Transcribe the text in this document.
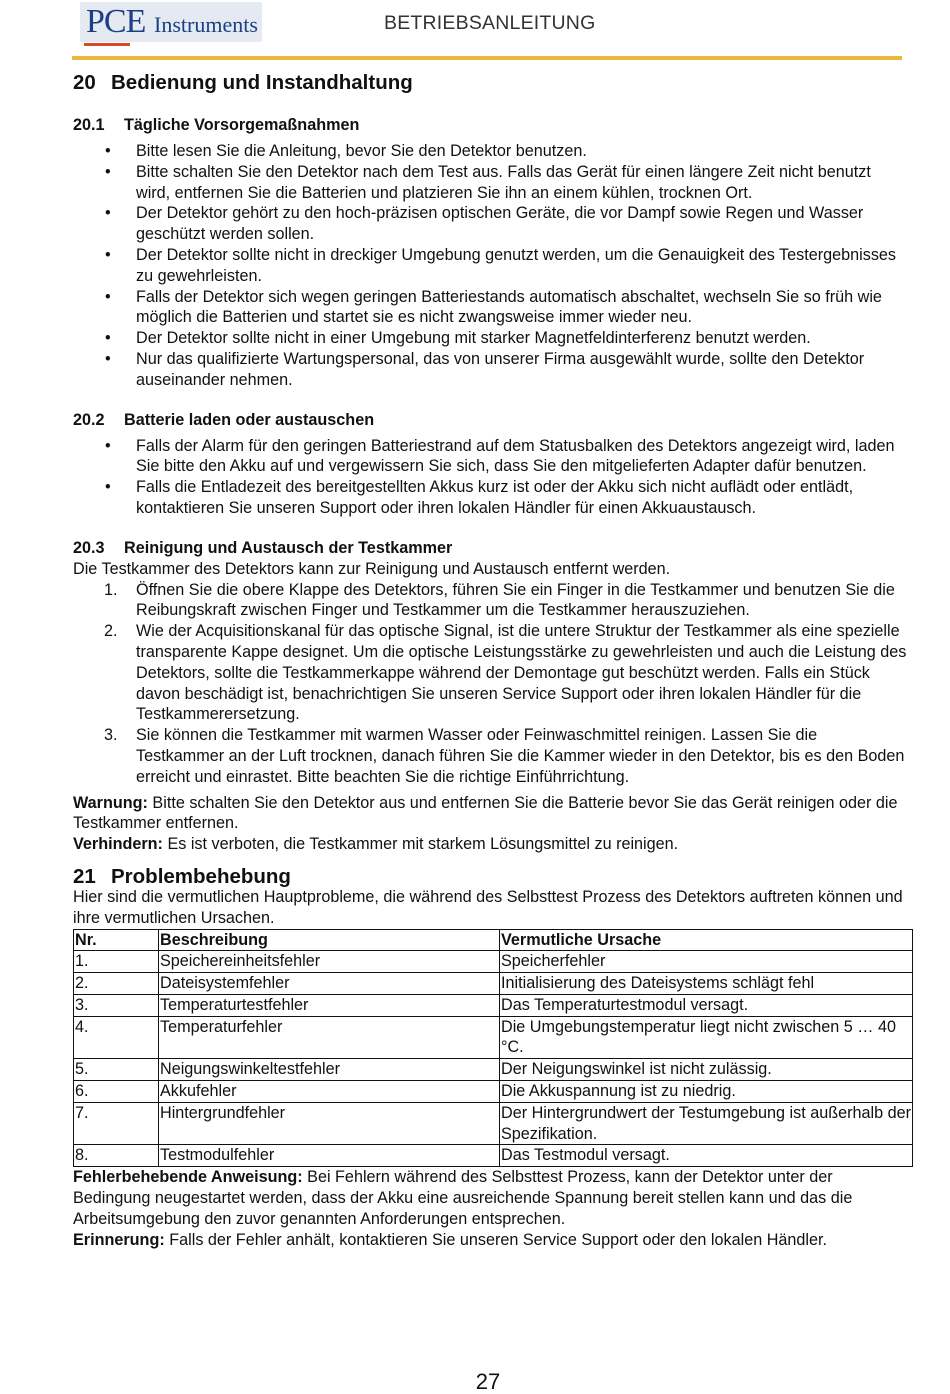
PCE Instruments	BETRIEBSANLEITUNG
20 Bedienung und Instandhaltung
20.1 Tägliche Vorsorgemaßnahmen
• Bitte lesen Sie die Anleitung, bevor Sie den Detektor benutzen.
• Bitte schalten Sie den Detektor nach dem Test aus. Falls das Gerät für einen längere Zeit nicht benutzt wird, entfernen Sie die Batterien und platzieren Sie ihn an einem kühlen, trocknen Ort.
• Der Detektor gehört zu den hoch-präzisen optischen Geräte, die vor Dampf sowie Regen und Wasser geschützt werden sollen.
• Der Detektor sollte nicht in dreckiger Umgebung genutzt werden, um die Genauigkeit des Testergebnisses zu gewehrleisten.
• Falls der Detektor sich wegen geringen Batteriestands automatisch abschaltet, wechseln Sie so früh wie möglich die Batterien und startet sie es nicht zwangsweise immer wieder neu.
• Der Detektor sollte nicht in einer Umgebung mit starker Magnetfeldinterferenz benutzt werden.
• Nur das qualifizierte Wartungspersonal, das von unserer Firma ausgewählt wurde, sollte den Detektor auseinander nehmen.
20.2 Batterie laden oder austauschen
• Falls der Alarm für den geringen Batteriestrand auf dem Statusbalken des Detektors angezeigt wird, laden Sie bitte den Akku auf und vergewissern Sie sich, dass Sie den mitgelieferten Adapter dafür benutzen.
• Falls die Entladezeit des bereitgestellten Akkus kurz ist oder der Akku sich nicht auflädt oder entlädt, kontaktieren Sie unseren Support oder ihren lokalen Händler für einen Akkuaustausch.
20.3 Reinigung und Austausch der Testkammer

Die Testkammer des Detektors kann zur Reinigung und Austausch entfernt werden.

1. Öffnen Sie die obere Klappe des Detektors, führen Sie ein Finger in die Testkammer und benutzen Sie die Reibungskraft zwischen Finger und Testkammer um die Testkammer herauszuziehen.
2. Wie der Acquisitionskanal für das optische Signal, ist die untere Struktur der Testkammer als eine spezielle transparente Kappe designet. Um die optische Leistungsstärke zu gewehrleisten und auch die Leistung des Detektors, sollte die Testkammerkappe während der Demontage gut beschützt werden. Falls ein Stück davon beschädigt ist, benachrichtigen Sie unseren Service Support oder ihren lokalen Händler für die Testkammerersetzung.
3. Sie können die Testkammer mit warmen Wasser oder Feinwaschmittel reinigen. Lassen Sie die Testkammer an der Luft trocknen, danach führen Sie die Kammer wieder in den Detektor, bis es den Boden erreicht und einrastet. Bitte beachten Sie die richtige Einführrichtung.

Warnung: Bitte schalten Sie den Detektor aus und entfernen Sie die Batterie bevor Sie das Gerät reinigen oder die Testkammer entfernen.

Verhindern: Es ist verboten, die Testkammer mit starkem Lösungsmittel zu reinigen.

21 Problembehebung

Hier sind die vermutlichen Hauptprobleme, die während des Selbsttest Prozess des Detektors auftreten können und ihre vermutlichen Ursachen.

Nr.	Beschreibung	Vermutliche Ursache
1.	Speichereinheitsfehler	Speicherfehler
2.	Dateisystemfehler	Initialisierung des Dateisystems schlägt fehl
3.	Temperaturtestfehler	Das Temperaturtestmodul versagt.
4.	Temperaturfehler	Die Umgebungstemperatur liegt nicht zwischen 5 … 40 °C.
5.	Neigungswinkeltestfehler	Der Neigungswinkel ist nicht zulässig.
6.	Akkufehler	Die Akkuspannung ist zu niedrig.
7.	Hintergrundfehler	Der Hintergrundwert der Testumgebung ist außerhalb der Spezifikation.
8.	Testmodulfehler	Das Testmodul versagt.

Fehlerbehebende Anweisung: Bei Fehlern während des Selbsttest Prozess, kann der Detektor unter der Bedingung neugestartet werden, dass der Akku eine ausreichende Spannung bereit stellen kann und das die Arbeitsumgebung den zuvor genannten Anforderungen entsprechen.

Erinnerung: Falls der Fehler anhält, kontaktieren Sie unseren Service Support oder den lokalen Händler.

27
